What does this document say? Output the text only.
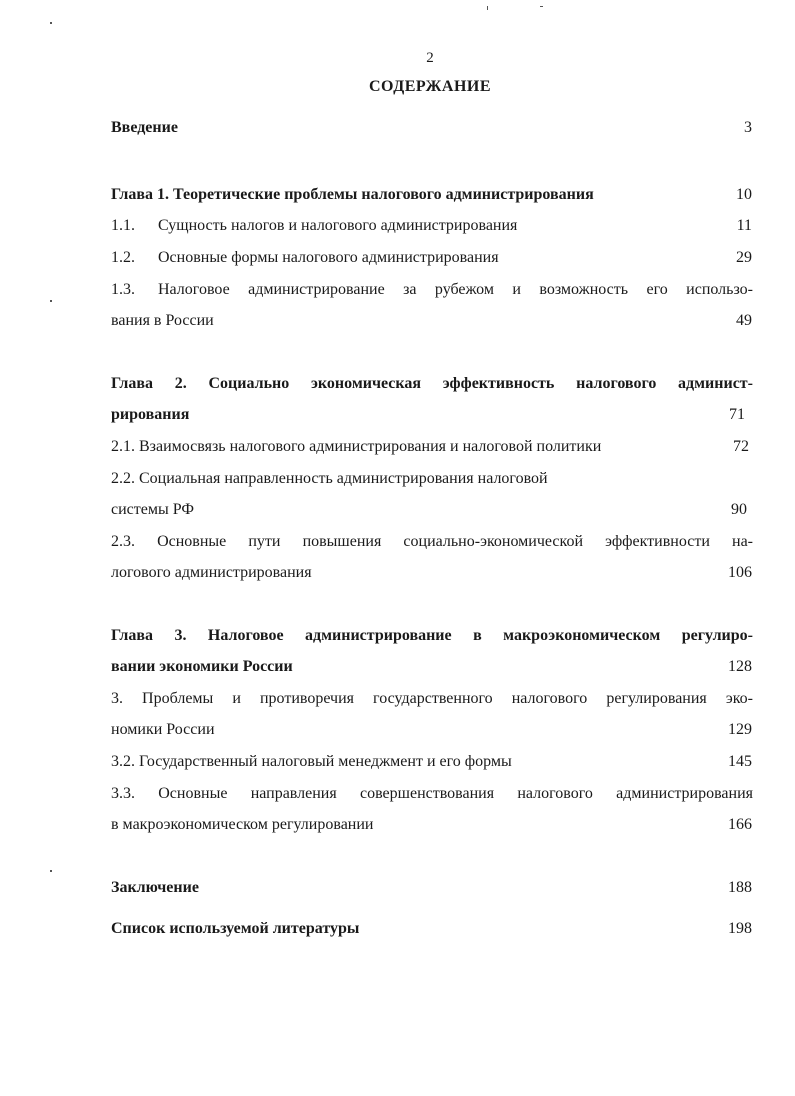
2
СОДЕРЖАНИЕ
Введение	3
Глава 1. Теоретические проблемы налогового администрирования	10
1.1. Сущность налогов и налогового администрирования	11
1.2. Основные формы налогового администрирования	29
1.3. Налоговое администрирование за рубежом и возможность его использо-
вания в России	49
Глава 2. Социально экономическая эффективность налогового админист-
рирования	71
2.1. Взаимосвязь налогового администрирования и налоговой политики	72
2.2. Социальная направленность администрирования налоговой
системы РФ	90
2.3. Основные пути повышения социально-экономической эффективности на-
логового администрирования	106
Глава 3. Налоговое администрирование в макроэкономическом регулиро-
вании экономики России	128
3. Проблемы и противоречия государственного налогового регулирования эко-
номики России	129
3.2. Государственный налоговый менеджмент и его формы	145
3.3. Основные направления совершенствования налогового администрирования
в макроэкономическом регулировании	166
Заключение	188
Список используемой литературы	198
